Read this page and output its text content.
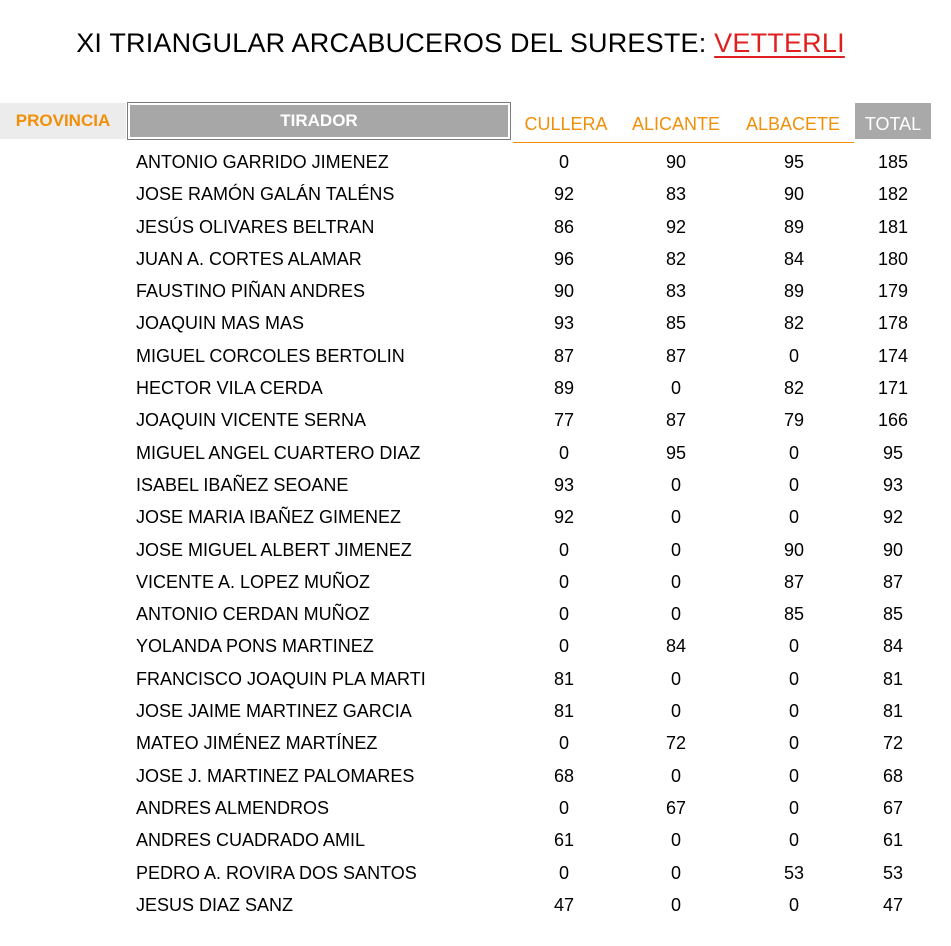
XI TRIANGULAR ARCABUCEROS DEL SURESTE: VETTERLI
PROVINCIA	TIRADOR	CULLERA	ALICANTE	ALBACETE	TOTAL
ANTONIO GARRIDO JIMENEZ	0	90	95	185
JOSE RAMÓN GALÁN TALÉNS	92	83	90	182
JESÚS OLIVARES BELTRAN	86	92	89	181
JUAN A. CORTES ALAMAR	96	82	84	180
FAUSTINO PIÑAN ANDRES	90	83	89	179
JOAQUIN MAS MAS	93	85	82	178
MIGUEL CORCOLES BERTOLIN	87	87	0	174
HECTOR VILA CERDA	89	0	82	171
JOAQUIN VICENTE SERNA	77	87	79	166
MIGUEL ANGEL CUARTERO DIAZ	0	95	0	95
ISABEL IBAÑEZ SEOANE	93	0	0	93
JOSE MARIA IBAÑEZ GIMENEZ	92	0	0	92
JOSE MIGUEL ALBERT JIMENEZ	0	0	90	90
VICENTE A. LOPEZ MUÑOZ	0	0	87	87
ANTONIO CERDAN MUÑOZ	0	0	85	85
YOLANDA PONS MARTINEZ	0	84	0	84
FRANCISCO JOAQUIN PLA MARTI	81	0	0	81
JOSE JAIME MARTINEZ GARCIA	81	0	0	81
MATEO JIMÉNEZ MARTÍNEZ	0	72	0	72
JOSE J. MARTINEZ PALOMARES	68	0	0	68
ANDRES ALMENDROS	0	67	0	67
ANDRES CUADRADO AMIL	61	0	0	61
PEDRO A. ROVIRA DOS SANTOS	0	0	53	53
JESUS DIAZ SANZ	47	0	0	47
